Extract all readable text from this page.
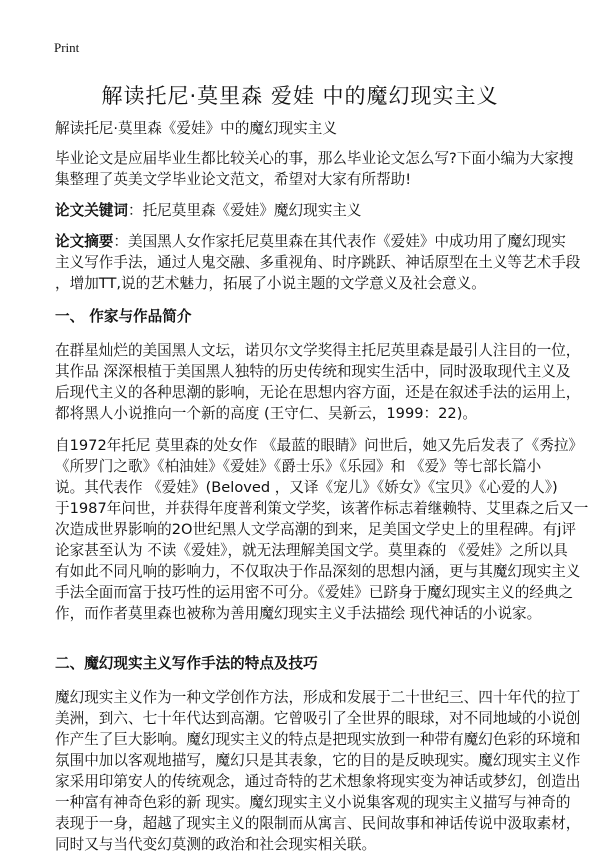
Print
解读托尼·莫里森 爱娃 中的魔幻现实主义
解读托尼·莫里森《爱娃》中的魔幻现实主义
毕业论文是应届毕业生都比较关心的事，那么毕业论文怎么写?下面小编为大家搜
集整理了英美文学毕业论文范文，希望对大家有所帮助!
论文关键词：托尼莫里森《爱娃》魔幻现实主义
论文摘要：美国黑人女作家托尼莫里森在其代表作《爱娃》中成功用了魔幻现实
主义写作手法，通过人鬼交融、多重视角、时序跳跃、神话原型在土义等艺术手段
，增加TT,说的艺术魅力，拓展了小说主题的文学意义及社会意义。
一、 作家与作品简介
在群星灿烂的美国黑人文坛，诺贝尔文学奖得主托尼英里森是最引人注目的一位，
其作品 深深根植于美国黑人独特的历史传统和现实生活中，同时汲取现代主义及
后现代主义的各种思潮的影响，无论在思想内容方面，还是在叙述手法的运用上，
都将黑人小说推向一个新的高度 (王守仁、吴新云，1999：22)。
自1972年托尼 莫里森的处女作 《最蓝的眼睛》问世后，她又先后发表了《秀拉》
《所罗门之歌》《柏油娃》《爱娃》《爵士乐》《乐园》和 《爱》等七部长篇小
说。其代表作 《爱娃》(Beloved ，又译《宠儿》《娇女》《宝贝》《心爱的人》)
于1987年问世，并获得年度普利策文学奖，该著作标志着继赖特、艾里森之后又一
次造成世界影响的2O世纪黑人文学高潮的到来，足美国文学史上的里程碑。有j评
论家甚至认为 不读《爱娃》，就无法理解美国文学。莫里森的 《爱娃》之所以具
有如此不同凡响的影响力，不仅取决于作品深刻的思想内涵，更与其魔幻现实主义
手法全面而富于技巧性的运用密不可分。《爱娃》已跻身于魔幻现实主义的经典之
作，而作者莫里森也被称为善用魔幻现实主义手法描绘 现代神话的小说家。
二、魔幻现实主义写作手法的特点及技巧
魔幻现实主义作为一种文学创作方法，形成和发展于二十世纪三、四十年代的拉丁
美洲，到六、七十年代达到高潮。它曾吸引了全世界的眼球，对不同地域的小说创
作产生了巨大影响。魔幻现实主义的特点是把现实放到一种带有魔幻色彩的环境和
氛围中加以客观地描写，魔幻只是其表象，它的目的是反映现实。魔幻现实主义作
家采用印第安人的传统观念，通过奇特的艺术想象将现实变为神话或梦幻，创造出
一种富有神奇色彩的新 现实。魔幻现实主义小说集客观的现实主义描写与神奇的
表现于一身，超越了现实主义的限制而从寓言、民间故事和神话传说中汲取素材，
同时又与当代变幻莫测的政治和社会现实相关联。
